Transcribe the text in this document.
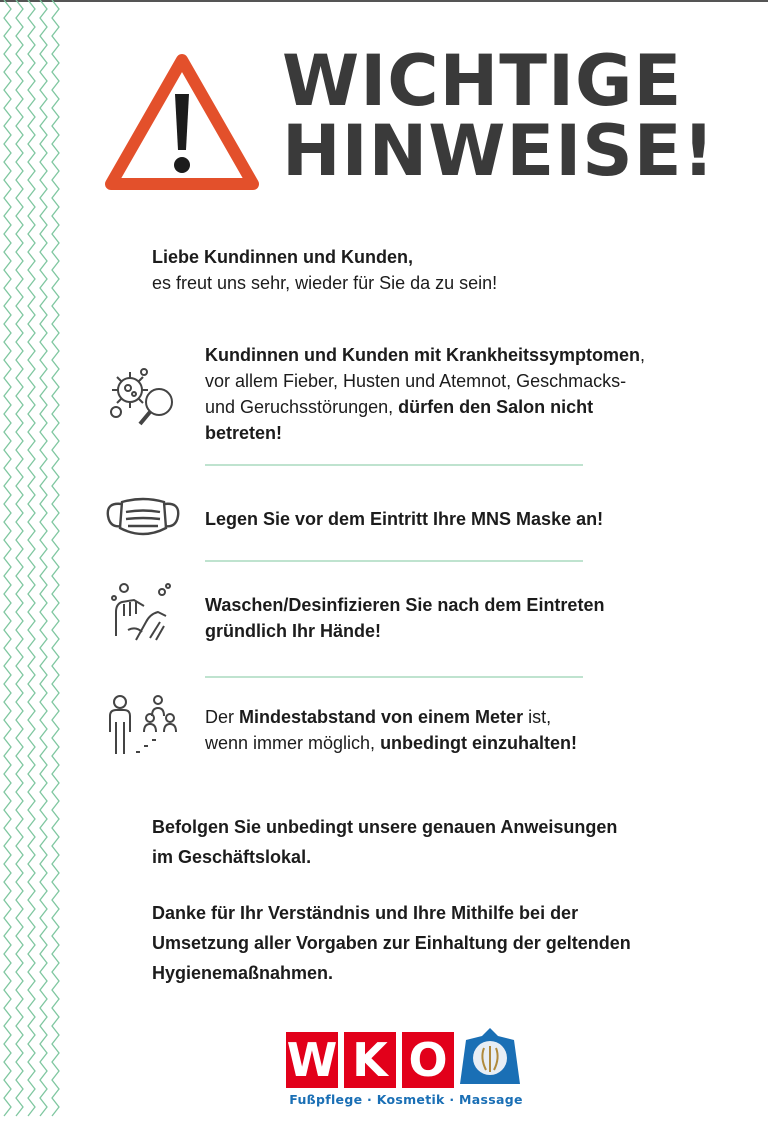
WICHTIGE
HINWEISE!
Liebe Kundinnen und Kunden,
es freut uns sehr, wieder für Sie da zu sein!
Kundinnen und Kunden mit Krankheitssymptomen,
vor allem Fieber, Husten und Atemnot, Geschmacks-
und Geruchsstörungen, dürfen den Salon nicht
betreten!
Legen Sie vor dem Eintritt Ihre MNS Maske an!
Waschen/Desinfizieren Sie nach dem Eintreten
gründlich Ihr Hände!
Der Mindestabstand von einem Meter ist,
wenn immer möglich, unbedingt einzuhalten!
Befolgen Sie unbedingt unsere genauen Anweisungen
im Geschäftslokal.
Danke für Ihr Verständnis und Ihre Mithilfe bei der
Umsetzung aller Vorgaben zur Einhaltung der geltenden
Hygienemaßnahmen.
W K O
Fußpflege · Kosmetik · Massage
